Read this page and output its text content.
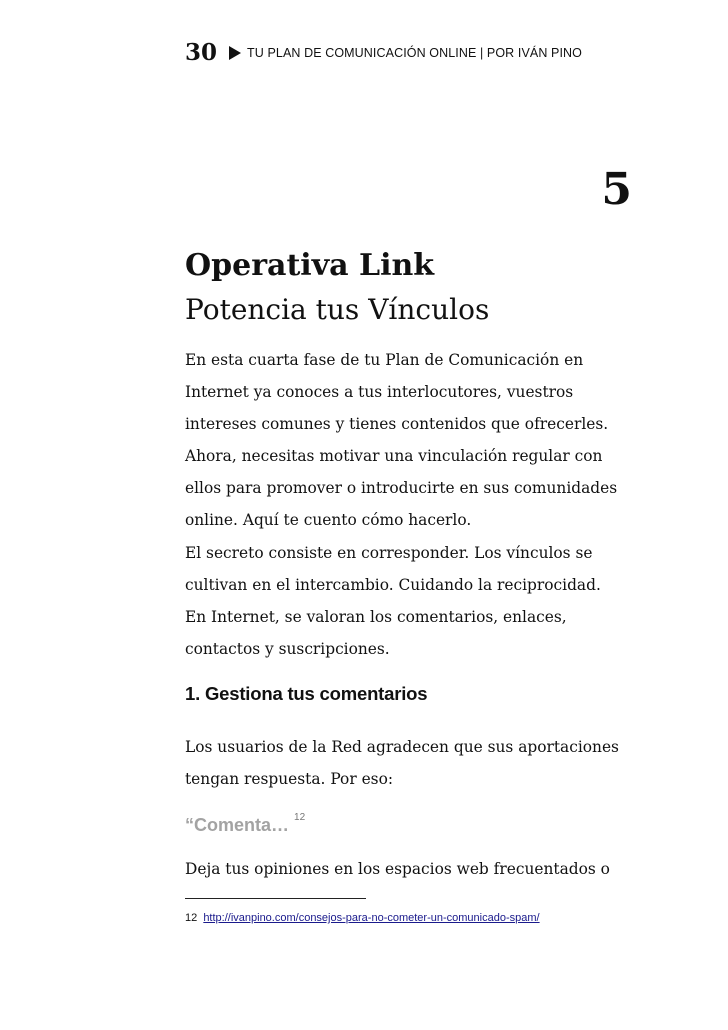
30 TU PLAN DE COMUNICACIÓN ONLINE | POR IVÁN PINO
5
Operativa Link
Potencia tus Vínculos

En esta cuarta fase de tu Plan de Comunicación en
Internet ya conoces a tus interlocutores, vuestros
intereses comunes y tienes contenidos que ofrecerles.
Ahora, necesitas motivar una vinculación regular con
ellos para promover o introducirte en sus comunidades
online. Aquí te cuento cómo hacerlo.

El secreto consiste en corresponder. Los vínculos se
cultivan en el intercambio. Cuidando la reciprocidad.
En Internet, se valoran los comentarios, enlaces,
contactos y suscripciones.

1. Gestiona tus comentarios

Los usuarios de la Red agradecen que sus aportaciones
tengan respuesta. Por eso:

“Comenta… $^{12}$

Deja tus opiniones en los espacios web frecuentados o

12 http://ivanpino.com/consejos-para-no-cometer-un-comunicado-spam/
